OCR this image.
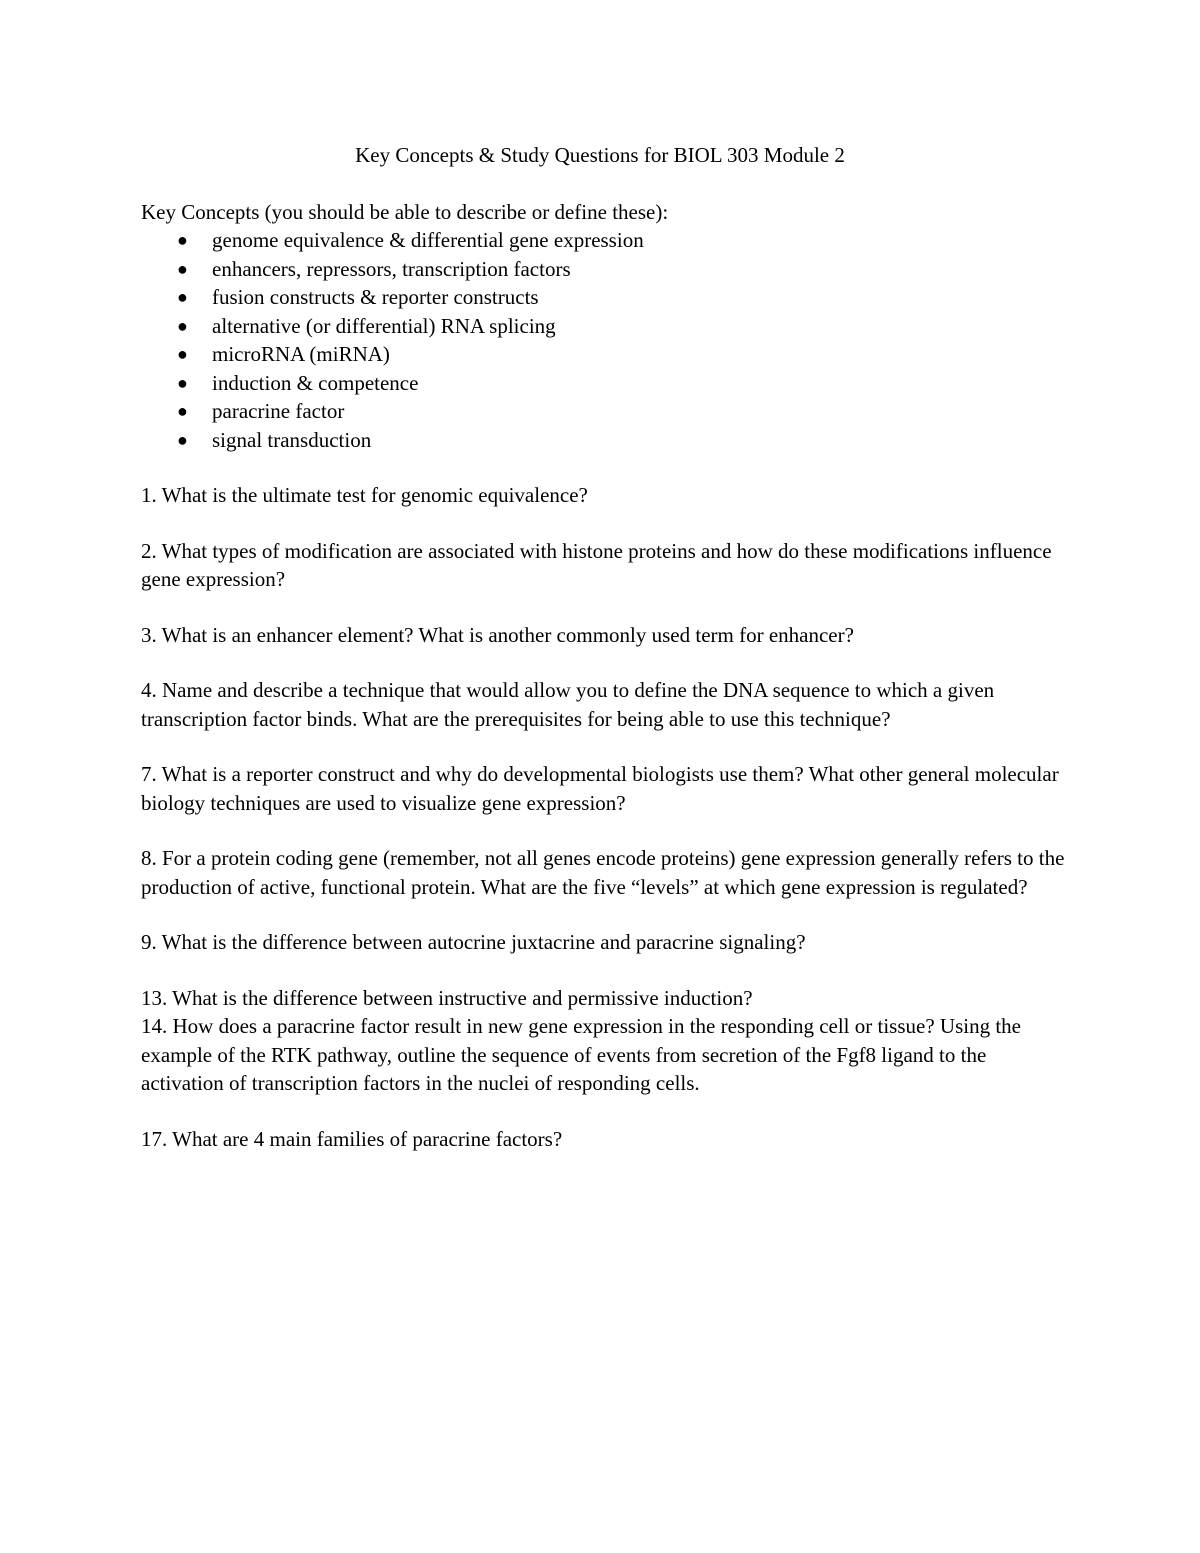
Key Concepts & Study Questions for BIOL 303 Module 2

Key Concepts (you should be able to describe or define these):

● genome equivalence & differential gene expression
● enhancers, repressors, transcription factors
● fusion constructs & reporter constructs
● alternative (or differential) RNA splicing
● microRNA (miRNA)
● induction & competence
● paracrine factor
● signal transduction

1. What is the ultimate test for genomic equivalence?

2. What types of modification are associated with histone proteins and how do these modifications influence gene expression?

3. What is an enhancer element? What is another commonly used term for enhancer?

4. Name and describe a technique that would allow you to define the DNA sequence to which a given transcription factor binds. What are the prerequisites for being able to use this technique?

7. What is a reporter construct and why do developmental biologists use them? What other general molecular biology techniques are used to visualize gene expression?

8. For a protein coding gene (remember, not all genes encode proteins) gene expression generally refers to the production of active, functional protein. What are the five “levels” at which gene expression is regulated?

9. What is the difference between autocrine juxtacrine and paracrine signaling?

13. What is the difference between instructive and permissive induction?

14. How does a paracrine factor result in new gene expression in the responding cell or tissue? Using the example of the RTK pathway, outline the sequence of events from secretion of the Fgf8 ligand to the activation of transcription factors in the nuclei of responding cells.

17. What are 4 main families of paracrine factors?
